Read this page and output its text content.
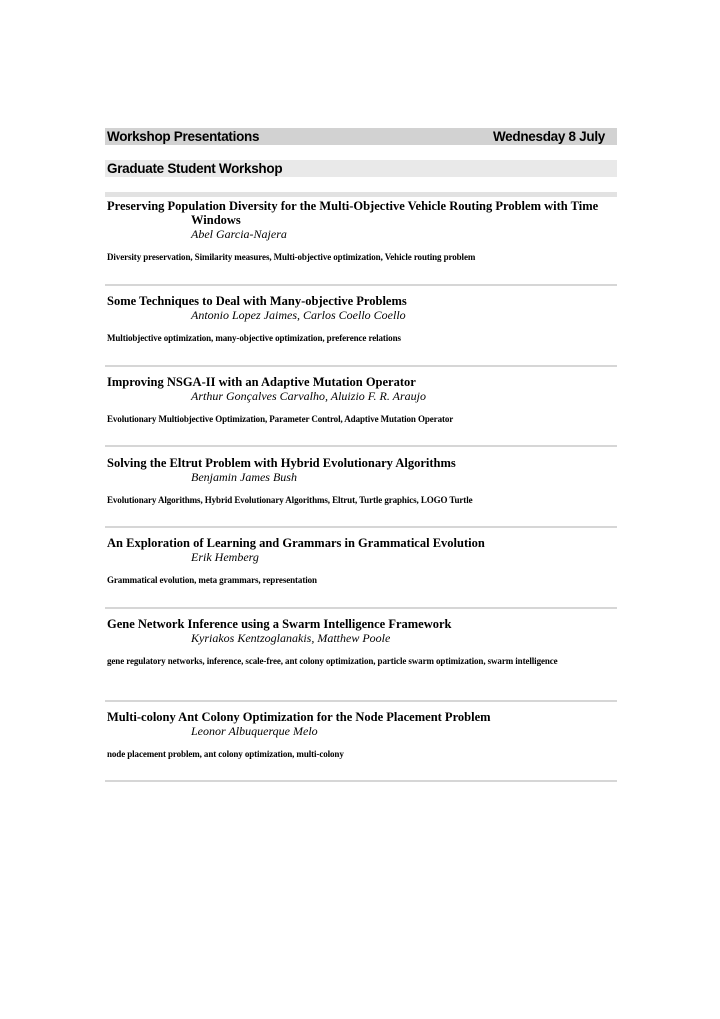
Workshop Presentations	Wednesday 8 July
Graduate Student Workshop
Preserving Population Diversity for the Multi-Objective Vehicle Routing Problem with Time Windows
Abel Garcia-Najera
Diversity preservation, Similarity measures, Multi-objective optimization, Vehicle routing problem
Some Techniques to Deal with Many-objective Problems
Antonio Lopez Jaimes, Carlos Coello Coello
Multiobjective optimization, many-objective optimization, preference relations
Improving NSGA-II with an Adaptive Mutation Operator
Arthur Gonçalves Carvalho, Aluizio F. R. Araujo
Evolutionary Multiobjective Optimization, Parameter Control, Adaptive Mutation Operator
Solving the Eltrut Problem with Hybrid Evolutionary Algorithms
Benjamin James Bush
Evolutionary Algorithms, Hybrid Evolutionary Algorithms, Eltrut, Turtle graphics, LOGO Turtle
An Exploration of Learning and Grammars in Grammatical Evolution
Erik Hemberg
Grammatical evolution, meta grammars, representation
Gene Network Inference using a Swarm Intelligence Framework
Kyriakos Kentzoglanakis, Matthew Poole
gene regulatory networks, inference, scale-free, ant colony optimization, particle swarm optimization, swarm intelligence
Multi-colony Ant Colony Optimization for the Node Placement Problem
Leonor Albuquerque Melo
node placement problem, ant colony optimization, multi-colony
